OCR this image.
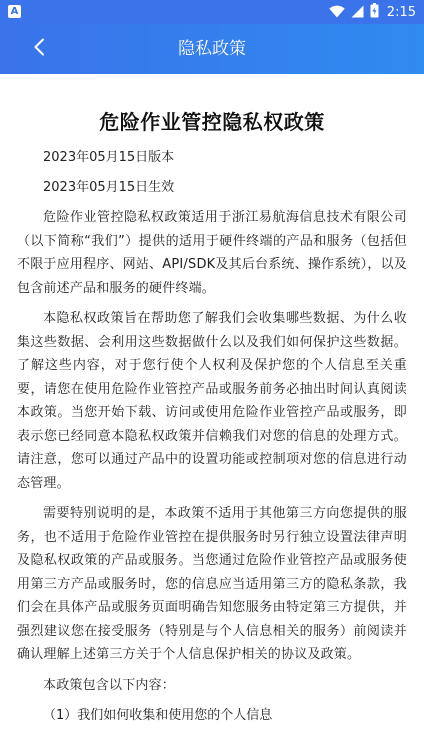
A	2:15
隐私政策
危险作业管控隐私权政策

2023年05月15日版本

2023年05月15日生效

危险作业管控隐私权政策适用于浙江易航海信息技术有限公司 （以下简称“我们”）提供的适用于硬件终端的产品和服务（包括但不限于应用程序、网站、API/SDK及其后台系统、操作系统），以及包含前述产品和服务的硬件终端。

本隐私权政策旨在帮助您了解我们会收集哪些数据、为什么收集这些数据、会利用这些数据做什么以及我们如何保护这些数据。了解这些内容，对于您行使个人权利及保护您的个人信息至关重要，请您在使用危险作业管控产品或服务前务必抽出时间认真阅读本政策。当您开始下载、访问或使用危险作业管控产品或服务，即表示您已经同意本隐私权政策并信赖我们对您的信息的处理方式。请注意，您可以通过产品中的设置功能或控制项对您的信息进行动态管理。

需要特别说明的是，本政策不适用于其他第三方向您提供的服务，也不适用于危险作业管控在提供服务时另行独立设置法律声明及隐私权政策的产品或服务。当您通过危险作业管控产品或服务使用第三方产品或服务时，您的信息应当适用第三方的隐私条款，我们会在具体产品或服务页面明确告知您服务由特定第三方提供，并强烈建议您在接受服务（特别是与个人信息相关的服务）前阅读并确认理解上述第三方关于个人信息保护相关的协议及政策。

本政策包含以下内容：

（1）我们如何收集和使用您的个人信息
